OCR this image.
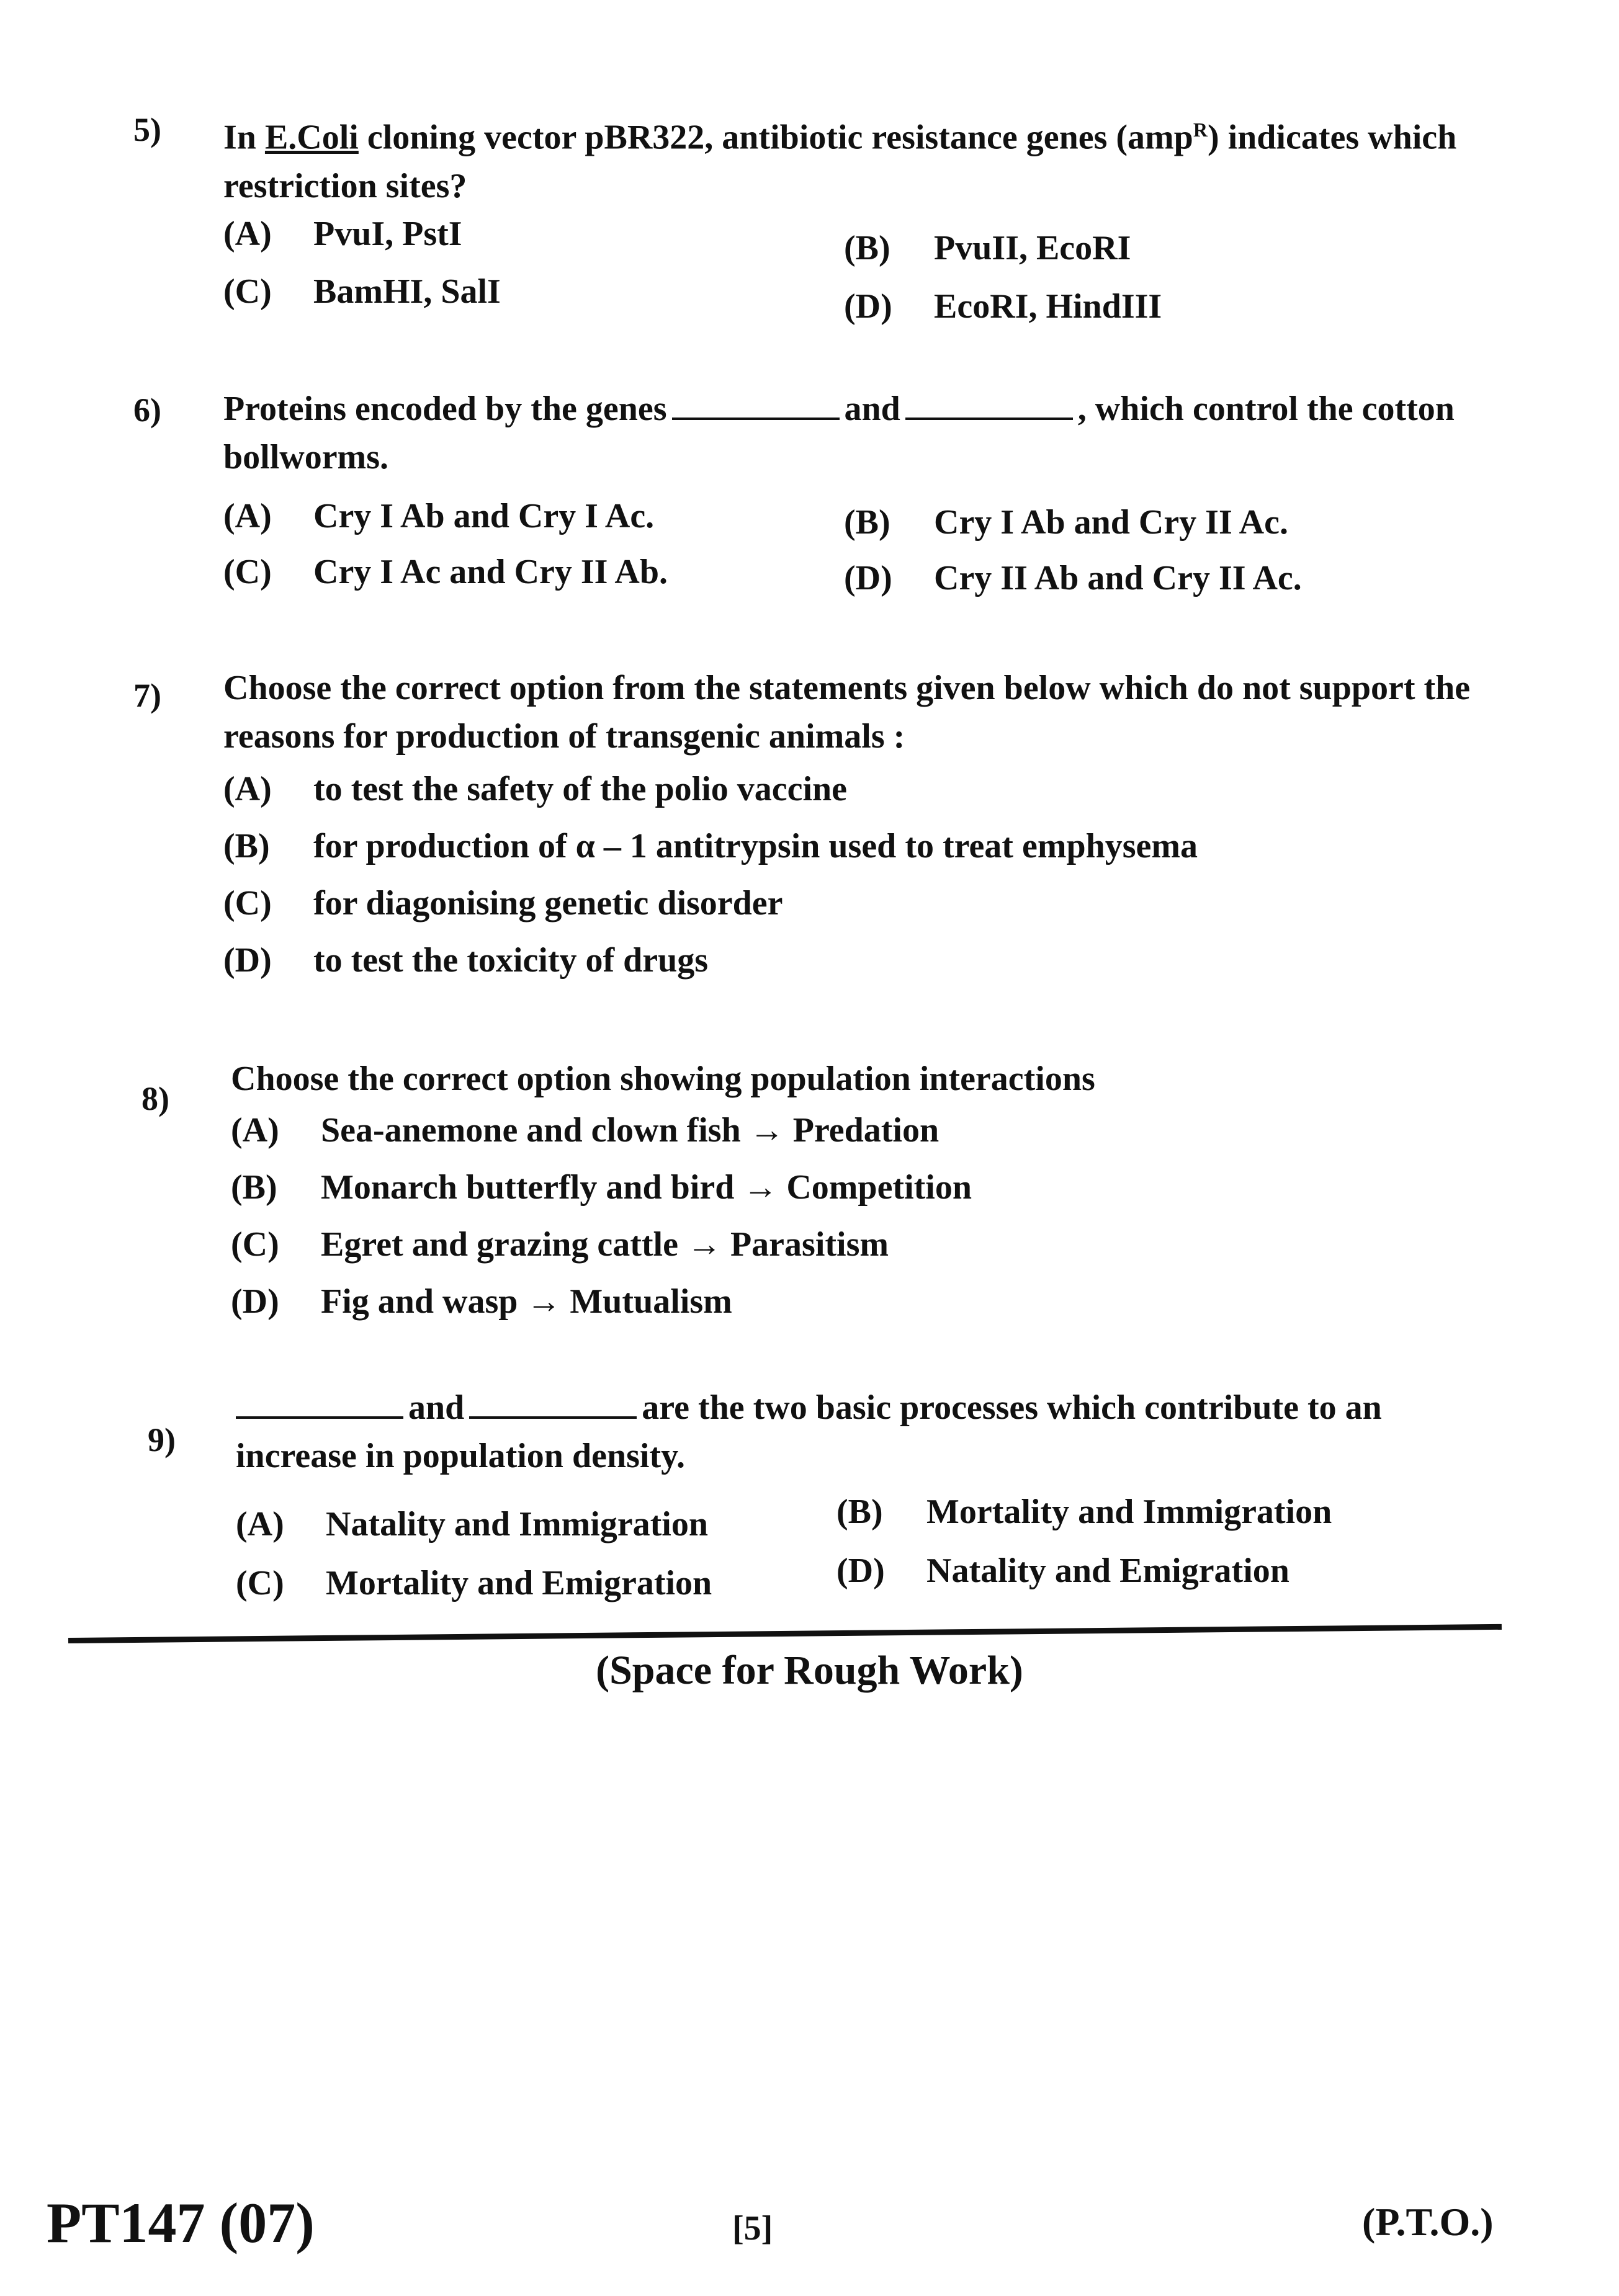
5) In E.Coli cloning vector pBR322, antibiotic resistance genes (amp$^R$) indicates which restriction sites?
(A) PvuI, PstI	(B) PvuII, EcoRI
(C) BamHI, SalI	(D) EcoRI, HindIII
6) Proteins encoded by the genes	and	, which control the cotton bollworms.
(A) Cry I Ab and Cry I Ac.	(B) Cry I Ab and Cry II Ac.
(C) Cry I Ac and Cry II Ab.	(D) Cry II Ab and Cry II Ac.
7) Choose the correct option from the statements given below which do not support the reasons for production of transgenic animals :
(A) to test the safety of the polio vaccine
(B) for production of α – 1 antitrypsin used to treat emphysema
(C) for diagonising genetic disorder
(D) to test the toxicity of drugs
8)
Choose the correct option showing population interactions
(A) Sea-anemone and clown fish → Predation
(B) Monarch butterfly and bird → Competition
(C) Egret and grazing cattle → Parasitism
(D) Fig and wasp → Mutualism
9)
and	are the two basic processes which contribute to an increase in population density.
(A) Natality and Immigration	(B) Mortality and Immigration
(C) Mortality and Emigration	(D) Natality and Emigration
(Space for Rough Work)
PT147 (07)	[5]	(P.T.O.)
